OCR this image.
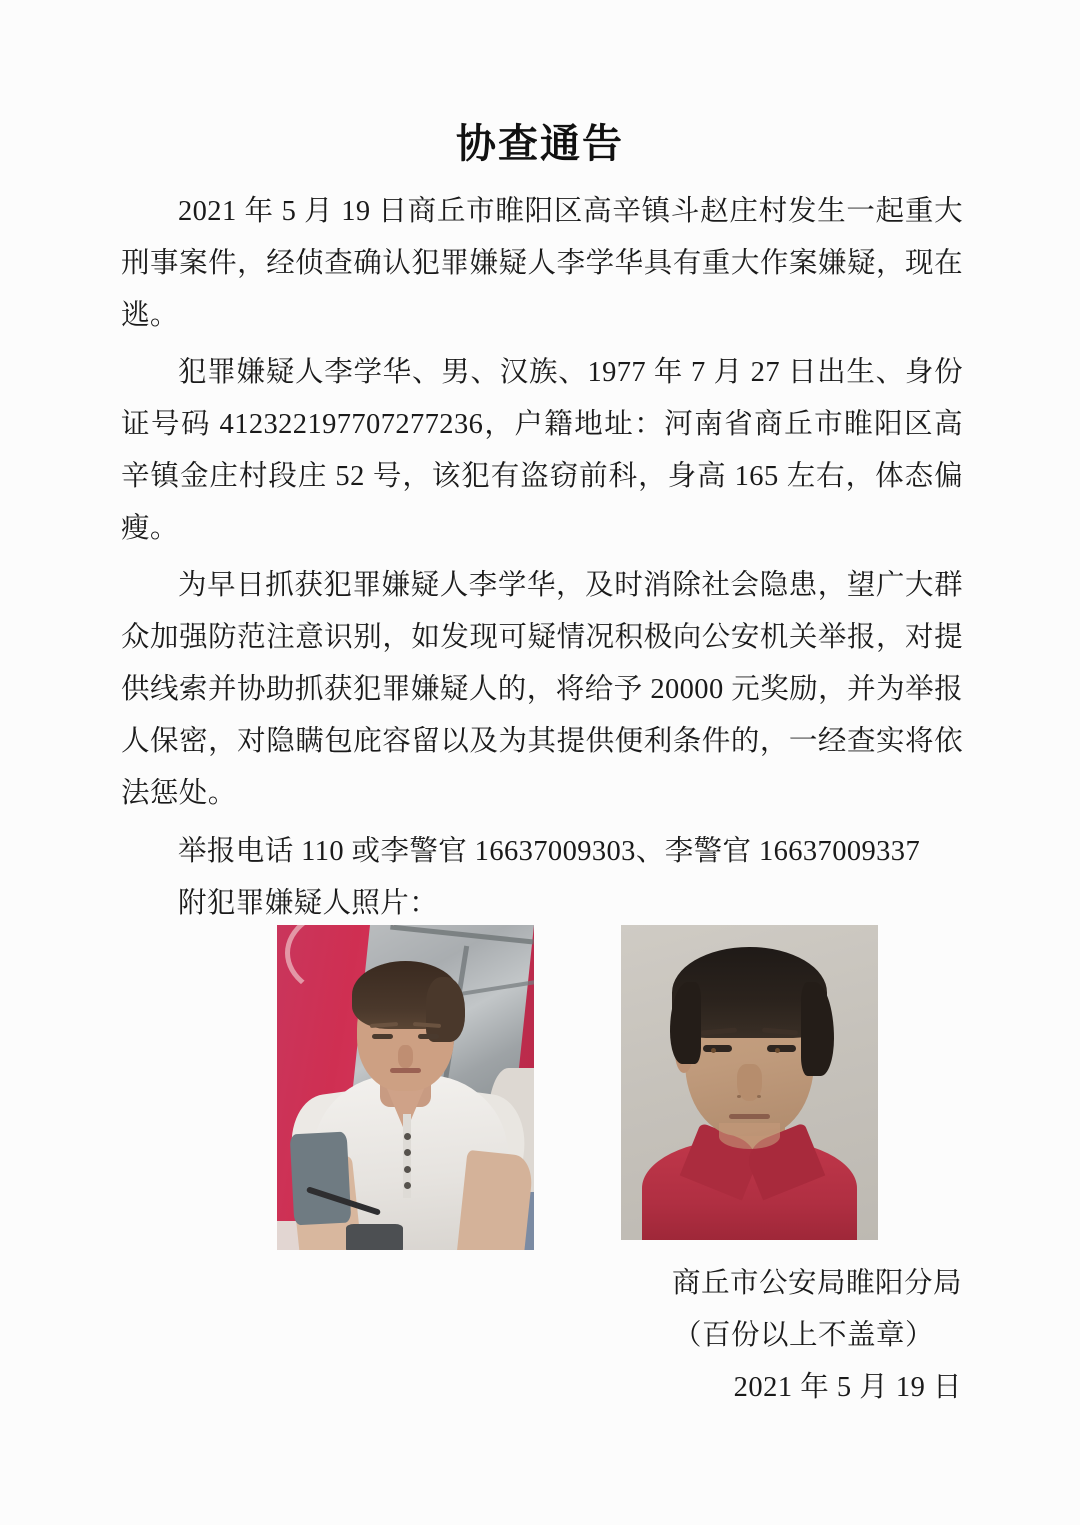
协查通告

2021 年 5 月 19 日商丘市睢阳区高辛镇斗赵庄村发生一起重大刑事案件，经侦查确认犯罪嫌疑人李学华具有重大作案嫌疑，现在逃。

犯罪嫌疑人李学华、男、汉族、1977 年 7 月 27 日出生、身份证号码 412322197707277236，户籍地址：河南省商丘市睢阳区高辛镇金庄村段庄 52 号，该犯有盗窃前科，身高 165 左右，体态偏瘦。

为早日抓获犯罪嫌疑人李学华，及时消除社会隐患，望广大群众加强防范注意识别，如发现可疑情况积极向公安机关举报，对提供线索并协助抓获犯罪嫌疑人的，将给予 20000 元奖励，并为举报人保密，对隐瞒包庇容留以及为其提供便利条件的，一经查实将依法惩处。

举报电话 110 或李警官 16637009303、李警官 16637009337

附犯罪嫌疑人照片：

商丘市公安局睢阳分局

（百份以上不盖章）

2021 年 5 月 19 日
